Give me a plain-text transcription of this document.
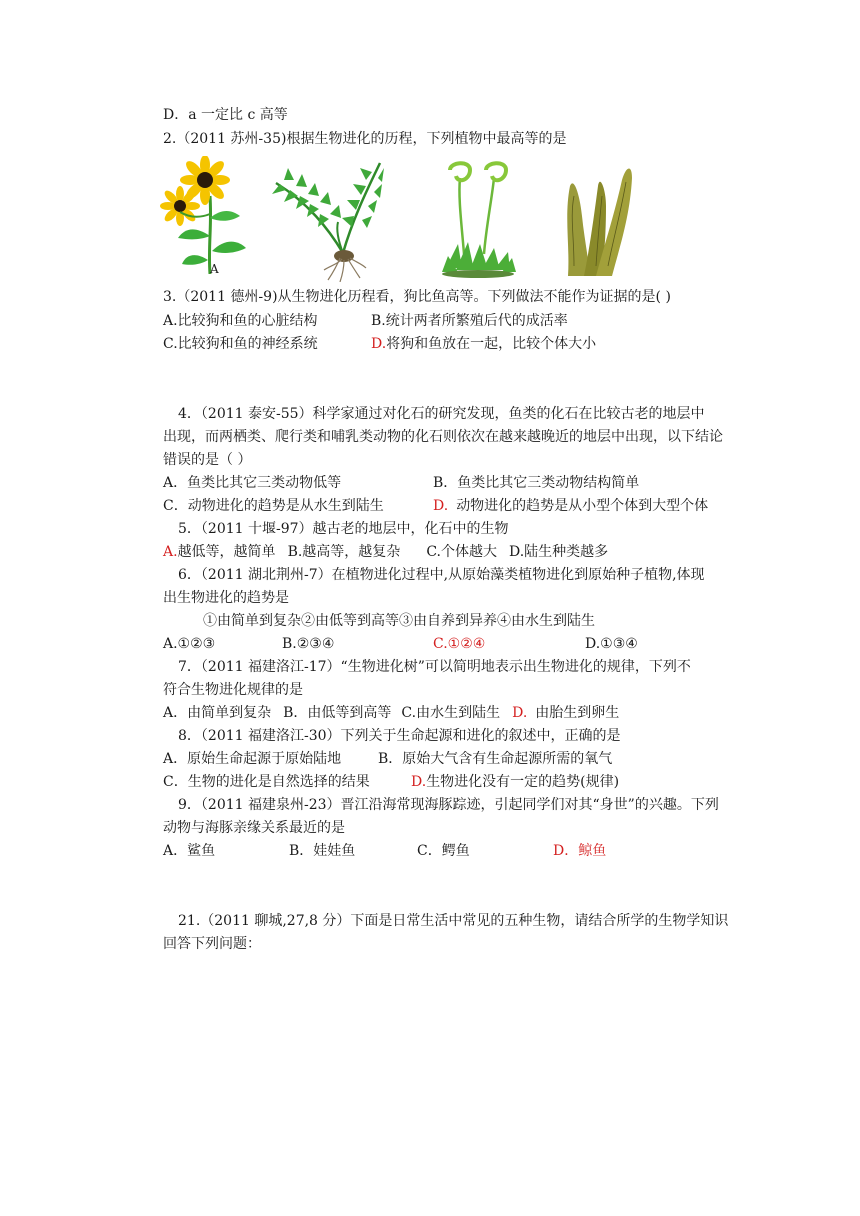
D．a 一定比 c 高等
2.（2011 苏州-35)根据生物进化的历程，下列植物中最高等的是
A
3.（2011 德州-9)从生物进化历程看，狗比鱼高等。下列做法不能作为证据的是( )
A.比较狗和鱼的心脏结构	B.统计两者所繁殖后代的成活率
C.比较狗和鱼的神经系统	D.将狗和鱼放在一起，比较个体大小
4．（2011 泰安-55）科学家通过对化石的研究发现，鱼类的化石在比较古老的地层中
出现，而两栖类、爬行类和哺乳类动物的化石则依次在越来越晚近的地层中出现，以下结论
错误的是（ ）
A．鱼类比其它三类动物低等	B．鱼类比其它三类动物结构简单
C．动物进化的趋势是从水生到陆生	D. 动物进化的趋势是从小型个体到大型个体
5．（2011 十堰-97）越古老的地层中，化石中的生物
A.越低等，越简单 B.越高等，越复杂 C.个体越大 D.陆生种类越多
6．（2011 湖北荆州-7）在植物进化过程中,从原始藻类植物进化到原始种子植物,体现
出生物进化的趋势是
①由简单到复杂②由低等到高等③由自养到异养④由水生到陆生
A.①②③	B.②③④	C.①②④	D.①③④
7．（2011 福建洛江-17）“生物进化树”可以简明地表示出生物进化的规律，下列不
符合生物进化规律的是
A．由简单到复杂 B．由低等到高等 C.由水生到陆生 D. 由胎生到卵生
8．（2011 福建洛江-30）下列关于生命起源和进化的叙述中，正确的是
A．原始生命起源于原始陆地	B．原始大气含有生命起源所需的氧气
C．生物的进化是自然选择的结果	D.生物进化没有一定的趋势(规律)
9．（2011 福建泉州-23）晋江沿海常现海豚踪迹，引起同学们对其“身世”的兴趣。下列
动物与海豚亲缘关系最近的是
A．鲨鱼	B．娃娃鱼	C．鳄鱼	D．鲸鱼
21.（2011 聊城,27,8 分）下面是日常生活中常见的五种生物，请结合所学的生物学知识
回答下列问题：
